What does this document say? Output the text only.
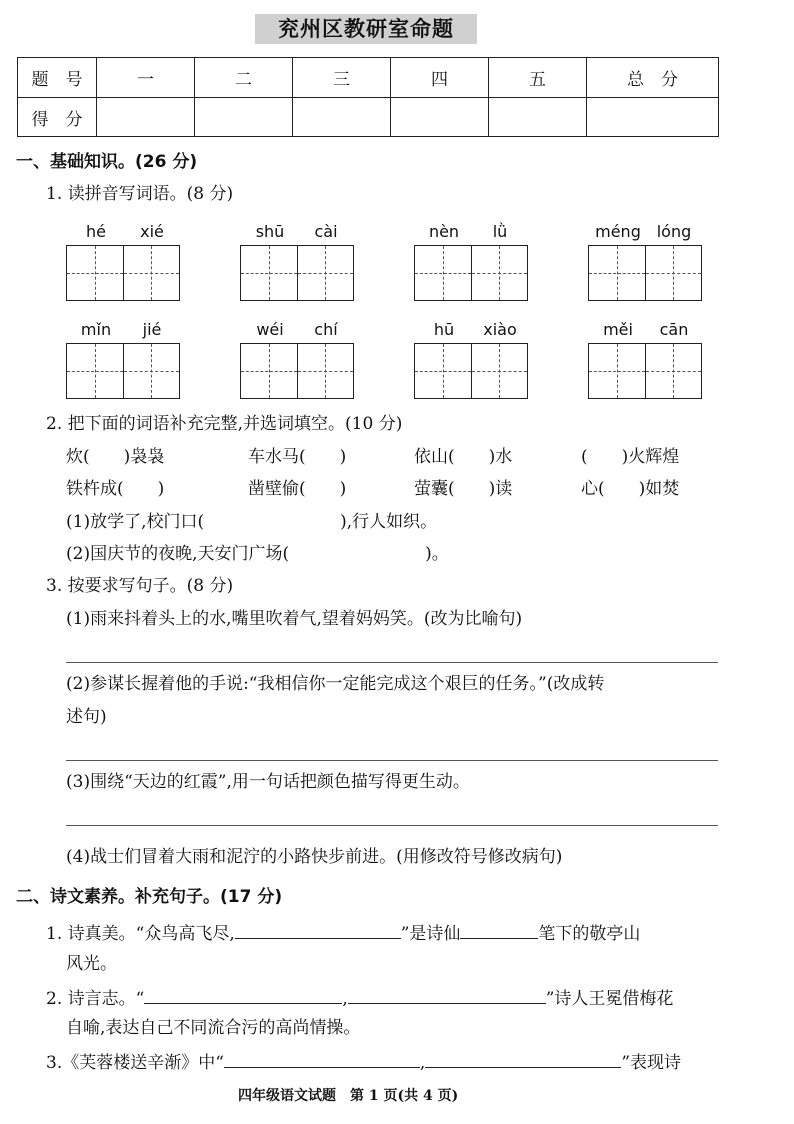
兖州区教研室命题
题　号	一	二	三	四	五	总　分
得　分						
一、基础知识。(26 分)
1. 读拼音写词语。(8 分)
hé xié	shū cài	nèn lǜ	méng lóng
mǐn jié	wéi chí	hū xiào	měi cān
2. 把下面的词语补充完整,并选词填空。(10 分)
炊(　　)袅袅	车水马(　　)	依山(　　)水	(　　)火辉煌
铁杵成(　　)	凿壁偷(　　)	萤囊(　　)读	心(　　)如焚
(1)放学了,校门口(　　　　　　　　),行人如织。
(2)国庆节的夜晚,天安门广场(　　　　　　　　)。
3. 按要求写句子。(8 分)
(1)雨来抖着头上的水,嘴里吹着气,望着妈妈笑。(改为比喻句)
(2)参谋长握着他的手说:“我相信你一定能完成这个艰巨的任务。”(改成转
述句)
(3)围绕“天边的红霞”,用一句话把颜色描写得更生动。
(4)战士们冒着大雨和泥泞的小路快步前进。(用修改符号修改病句)
二、诗文素养。补充句子。(17 分)
1. 诗真美。“众鸟高飞尽,	”是诗仙	笔下的敬亭山
风光。
2. 诗言志。“	,	”诗人王冕借梅花
自喻,表达自己不同流合污的高尚情操。
3.《芙蓉楼送辛渐》中“	,	”表现诗
四年级语文试题　第 1 页(共 4 页)
